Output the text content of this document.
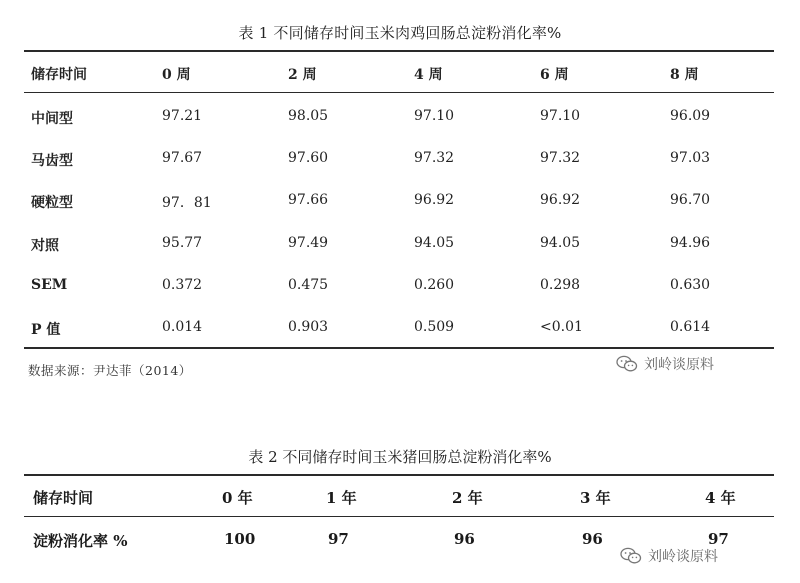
表 1 不同储存时间玉米肉鸡回肠总淀粉消化率%
储存时间	0 周	2 周	4 周	6 周	8 周
中间型	97.21	98.05	97.10	97.10	96.09
马齿型	97.67	97.60	97.32	97.32	97.03
硬粒型	97．81	97.66	96.92	96.92	96.70
对照	95.77	97.49	94.05	94.05	94.96
SEM	0.372	0.475	0.260	0.298	0.630
P 值	0.014	0.903	0.509	<0.01	0.614
数据来源：尹达菲（2014）	刘岭谈原料
表 2 不同储存时间玉米猪回肠总淀粉消化率%
储存时间	0 年	1 年	2 年	3 年	4 年
淀粉消化率 %	100	97	96	96	97
刘岭谈原料
